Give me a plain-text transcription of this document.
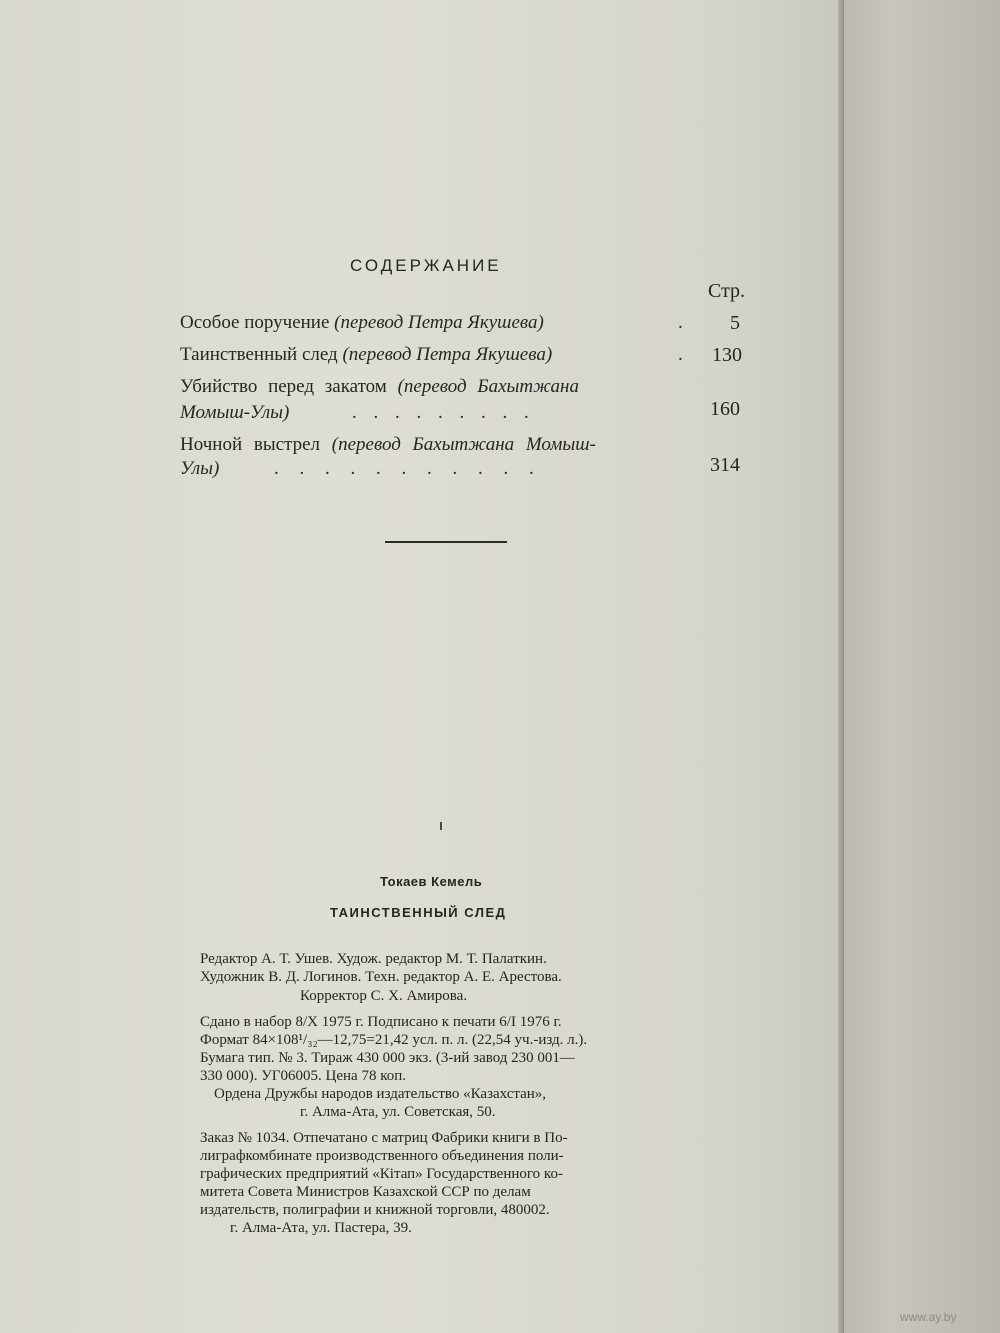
СОДЕРЖАНИЕ
Стр.
Особое поручение (перевод Петра Якушева)	.	5
Таинственный след (перевод Петра Якушева)	.	130
Убийство перед закатом (перевод Бахытжана
Момыш-Улы)	. . . . . . . . .	160
Ночной выстрел (перевод Бахытжана Момыш-
Улы)	. . . . . . . . . . .	314
Токаев Кемель
ТАИНСТВЕННЫЙ СЛЕД
Редактор А. Т. Ушев. Худож. редактор М. Т. Палаткин.
Художник В. Д. Логинов. Техн. редактор А. Е. Арестова.
Корректор С. Х. Амирова.
Сдано в набор 8/X 1975 г. Подписано к печати 6/I 1976 г.
Формат 84×108¹/₃₂—12,75=21,42 усл. п. л. (22,54 уч.-изд. л.).
Бумага тип. № 3. Тираж 430 000 экз. (3-ий завод 230 001—
330 000). УГ06005. Цена 78 коп.
Ордена Дружбы народов издательство «Казахстан»,
г. Алма-Ата, ул. Советская, 50.
Заказ № 1034. Отпечатано с матриц Фабрики книги в По-
лиграфкомбинате производственного объединения поли-
графических предприятий «Кітап» Государственного ко-
митета Совета Министров Казахской ССР по делам
издательств, полиграфии и книжной торговли, 480002.
г. Алма-Ата, ул. Пастера, 39.
www.ay.by
